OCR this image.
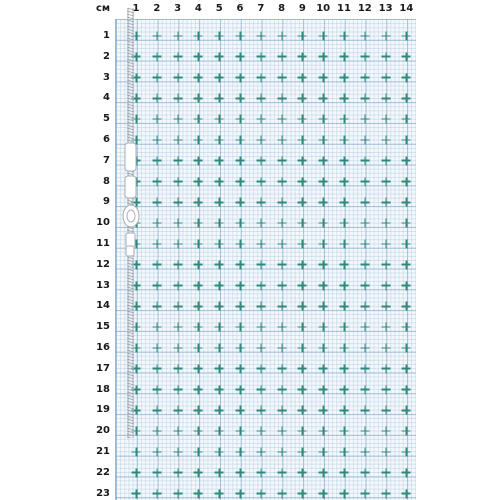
см 1 2 3 4 5 6 7 8 9 10 11 12 13 14
1
2
3
4
5
6
7
8
9
10
11
12
13
14
15
16
17
18
19
20
21
22
23
